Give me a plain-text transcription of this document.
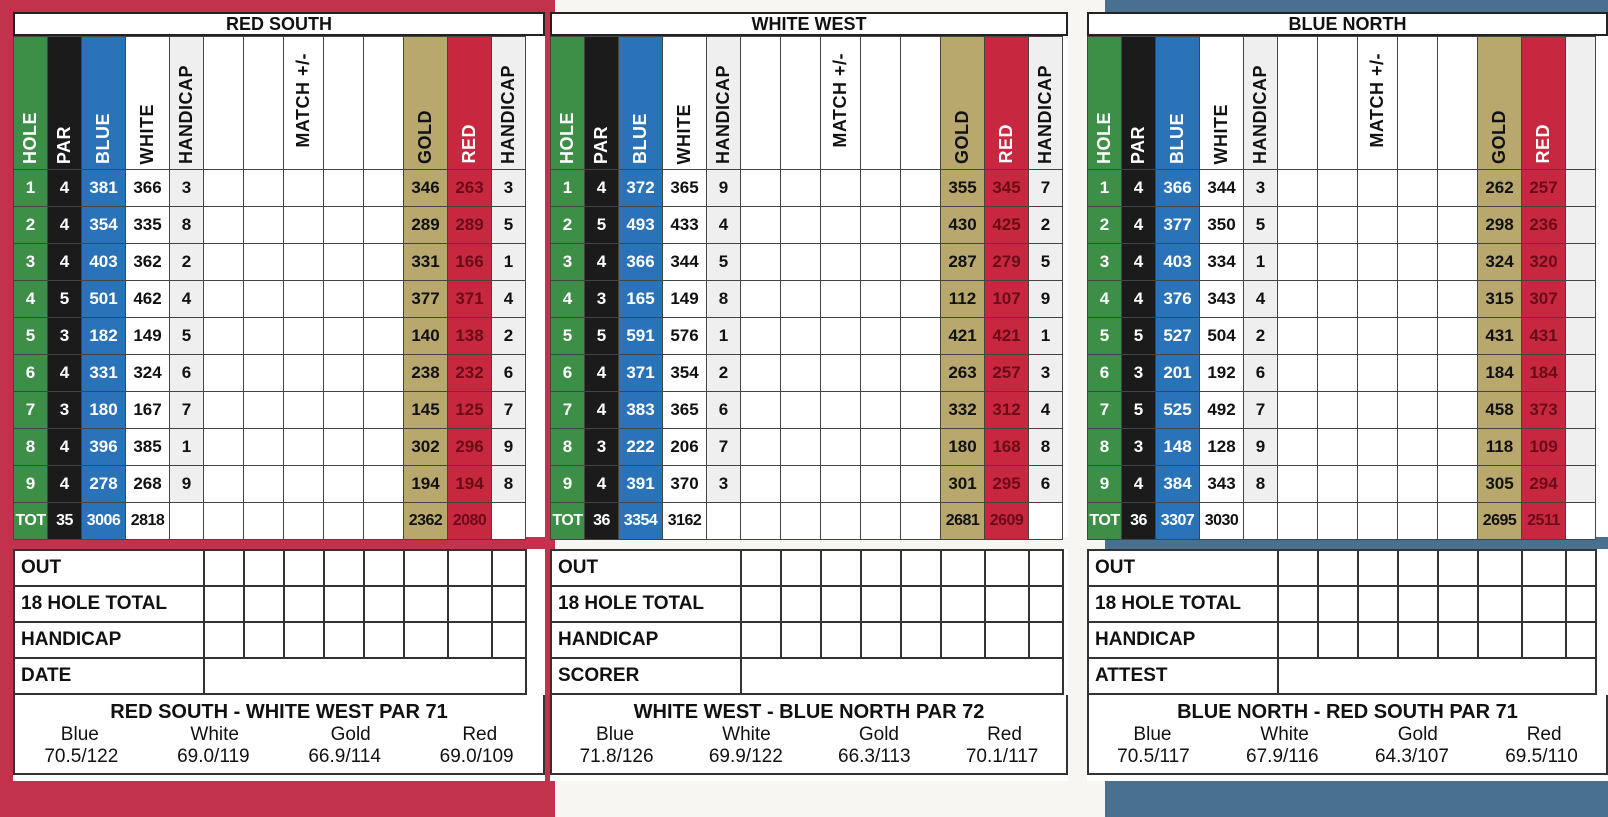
RED SOUTH
HOLE	PAR	BLUE	WHITE	HANDICAP			MATCH +/-			GOLD	RED	HANDICAP
1	4	381	366	3						346	263	3
2	4	354	335	8						289	289	5
3	4	403	362	2						331	166	1
4	5	501	462	4						377	371	4
5	3	182	149	5						140	138	2
6	4	331	324	6						238	232	6
7	3	180	167	7						145	125	7
8	4	396	385	1						302	296	9
9	4	278	268	9						194	194	8
TOT	35	3006	2818							2362	2080	
OUT								
18 HOLE TOTAL								
HANDICAP								
DATE								
RED SOUTH - WHITE WEST PAR 71
Blue	White	Gold	Red
70.5/122	69.0/119	66.9/114	69.0/109
WHITE WEST
HOLE	PAR	BLUE	WHITE	HANDICAP			MATCH +/-			GOLD	RED	HANDICAP
1	4	372	365	9						355	345	7
2	5	493	433	4						430	425	2
3	4	366	344	5						287	279	5
4	3	165	149	8						112	107	9
5	5	591	576	1						421	421	1
6	4	371	354	2						263	257	3
7	4	383	365	6						332	312	4
8	3	222	206	7						180	168	8
9	4	391	370	3						301	295	6
TOT	36	3354	3162							2681	2609	
OUT								
18 HOLE TOTAL								
HANDICAP								
SCORER								
WHITE WEST - BLUE NORTH PAR 72
Blue	White	Gold	Red
71.8/126	69.9/122	66.3/113	70.1/117
BLUE NORTH
HOLE	PAR	BLUE	WHITE	HANDICAP			MATCH +/-			GOLD	RED	
1	4	366	344	3						262	257	
2	4	377	350	5						298	236	
3	4	403	334	1						324	320	
4	4	376	343	4						315	307	
5	5	527	504	2						431	431	
6	3	201	192	6						184	184	
7	5	525	492	7						458	373	
8	3	148	128	9						118	109	
9	4	384	343	8						305	294	
TOT	36	3307	3030							2695	2511	
OUT								
18 HOLE TOTAL								
HANDICAP								
ATTEST								
BLUE NORTH - RED SOUTH PAR 71
Blue	White	Gold	Red
70.5/117	67.9/116	64.3/107	69.5/110
